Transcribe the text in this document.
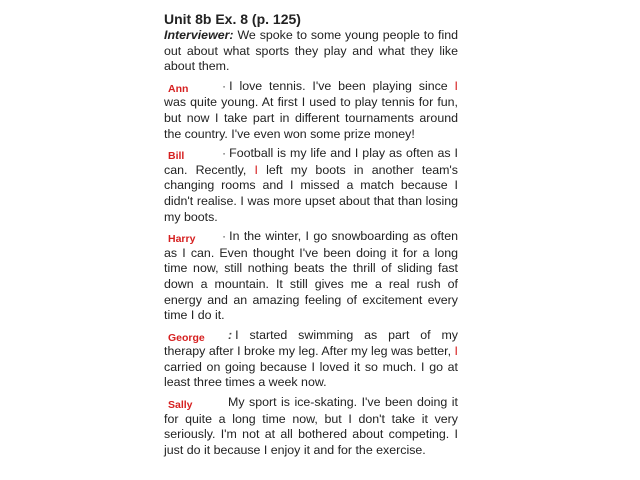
Unit 8b Ex. 8 (p. 125)

Interviewer: We spoke to some young people to find out about what sports they play and what they like about them.

Ann	· I love tennis. I've been playing since I was quite young. At first I used to play tennis for fun, but now I take part in different tournaments around the country. I've even won some prize money!

Bill	· Football is my life and I play as often as I can. Recently, I left my boots in another team's changing rooms and I missed a match because I didn't realise. I was more upset about that than losing my boots.

Harry · In the winter, I go snowboarding as often as I can. Even thought I've been doing it for a long time now, still nothing beats the thrill of sliding fast down a mountain. It still gives me a real rush of energy and an amazing feeling of excitement every time I do it.

George : I started swimming as part of my therapy after I broke my leg. After my leg was better, I carried on going because I loved it so much. I go at least three times a week now.

Sally	My sport is ice-skating. I've been doing it for quite a long time now, but I don't take it very seriously. I'm not at all bothered about competing. I just do it because I enjoy it and for the exercise.
